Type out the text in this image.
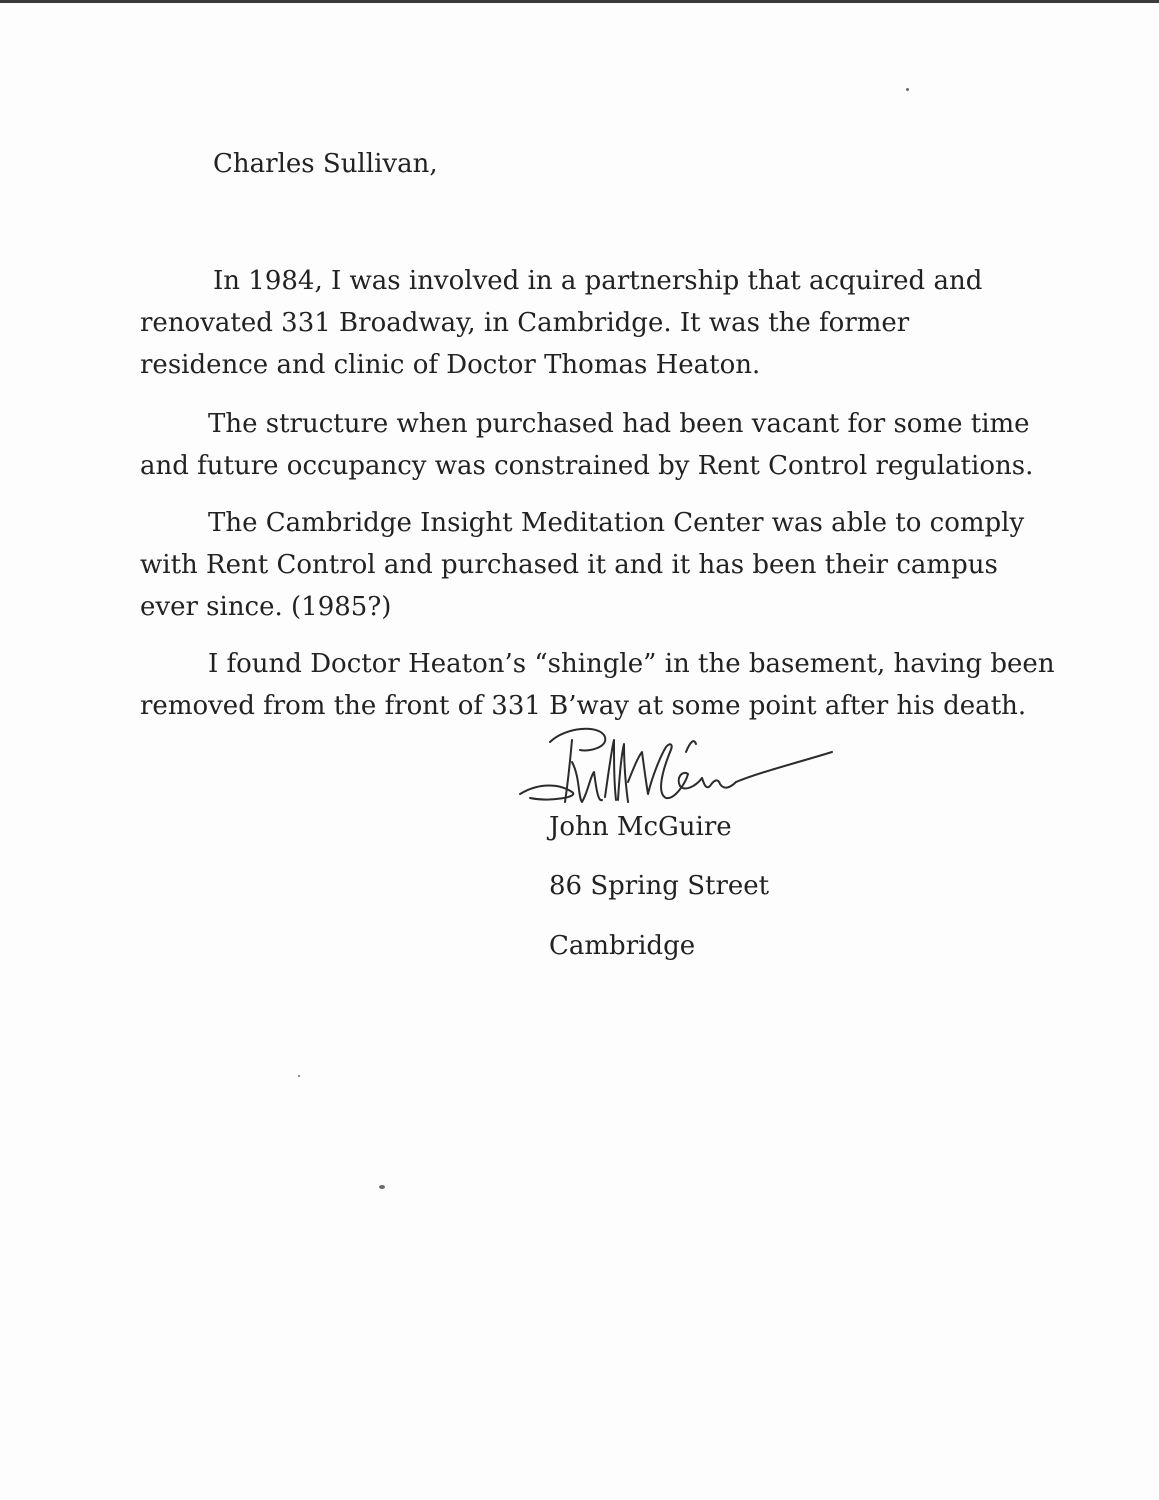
Charles Sullivan,
In 1984, I was involved in a partnership that acquired and
renovated 331 Broadway, in Cambridge. It was the former
residence and clinic of Doctor Thomas Heaton.
The structure when purchased had been vacant for some time
and future occupancy was constrained by Rent Control regulations.
The Cambridge Insight Meditation Center was able to comply
with Rent Control and purchased it and it has been their campus
ever since. (1985?)
I found Doctor Heaton’s “shingle” in the basement, having been
removed from the front of 331 B’way at some point after his death.
John McGuire
86 Spring Street
Cambridge
